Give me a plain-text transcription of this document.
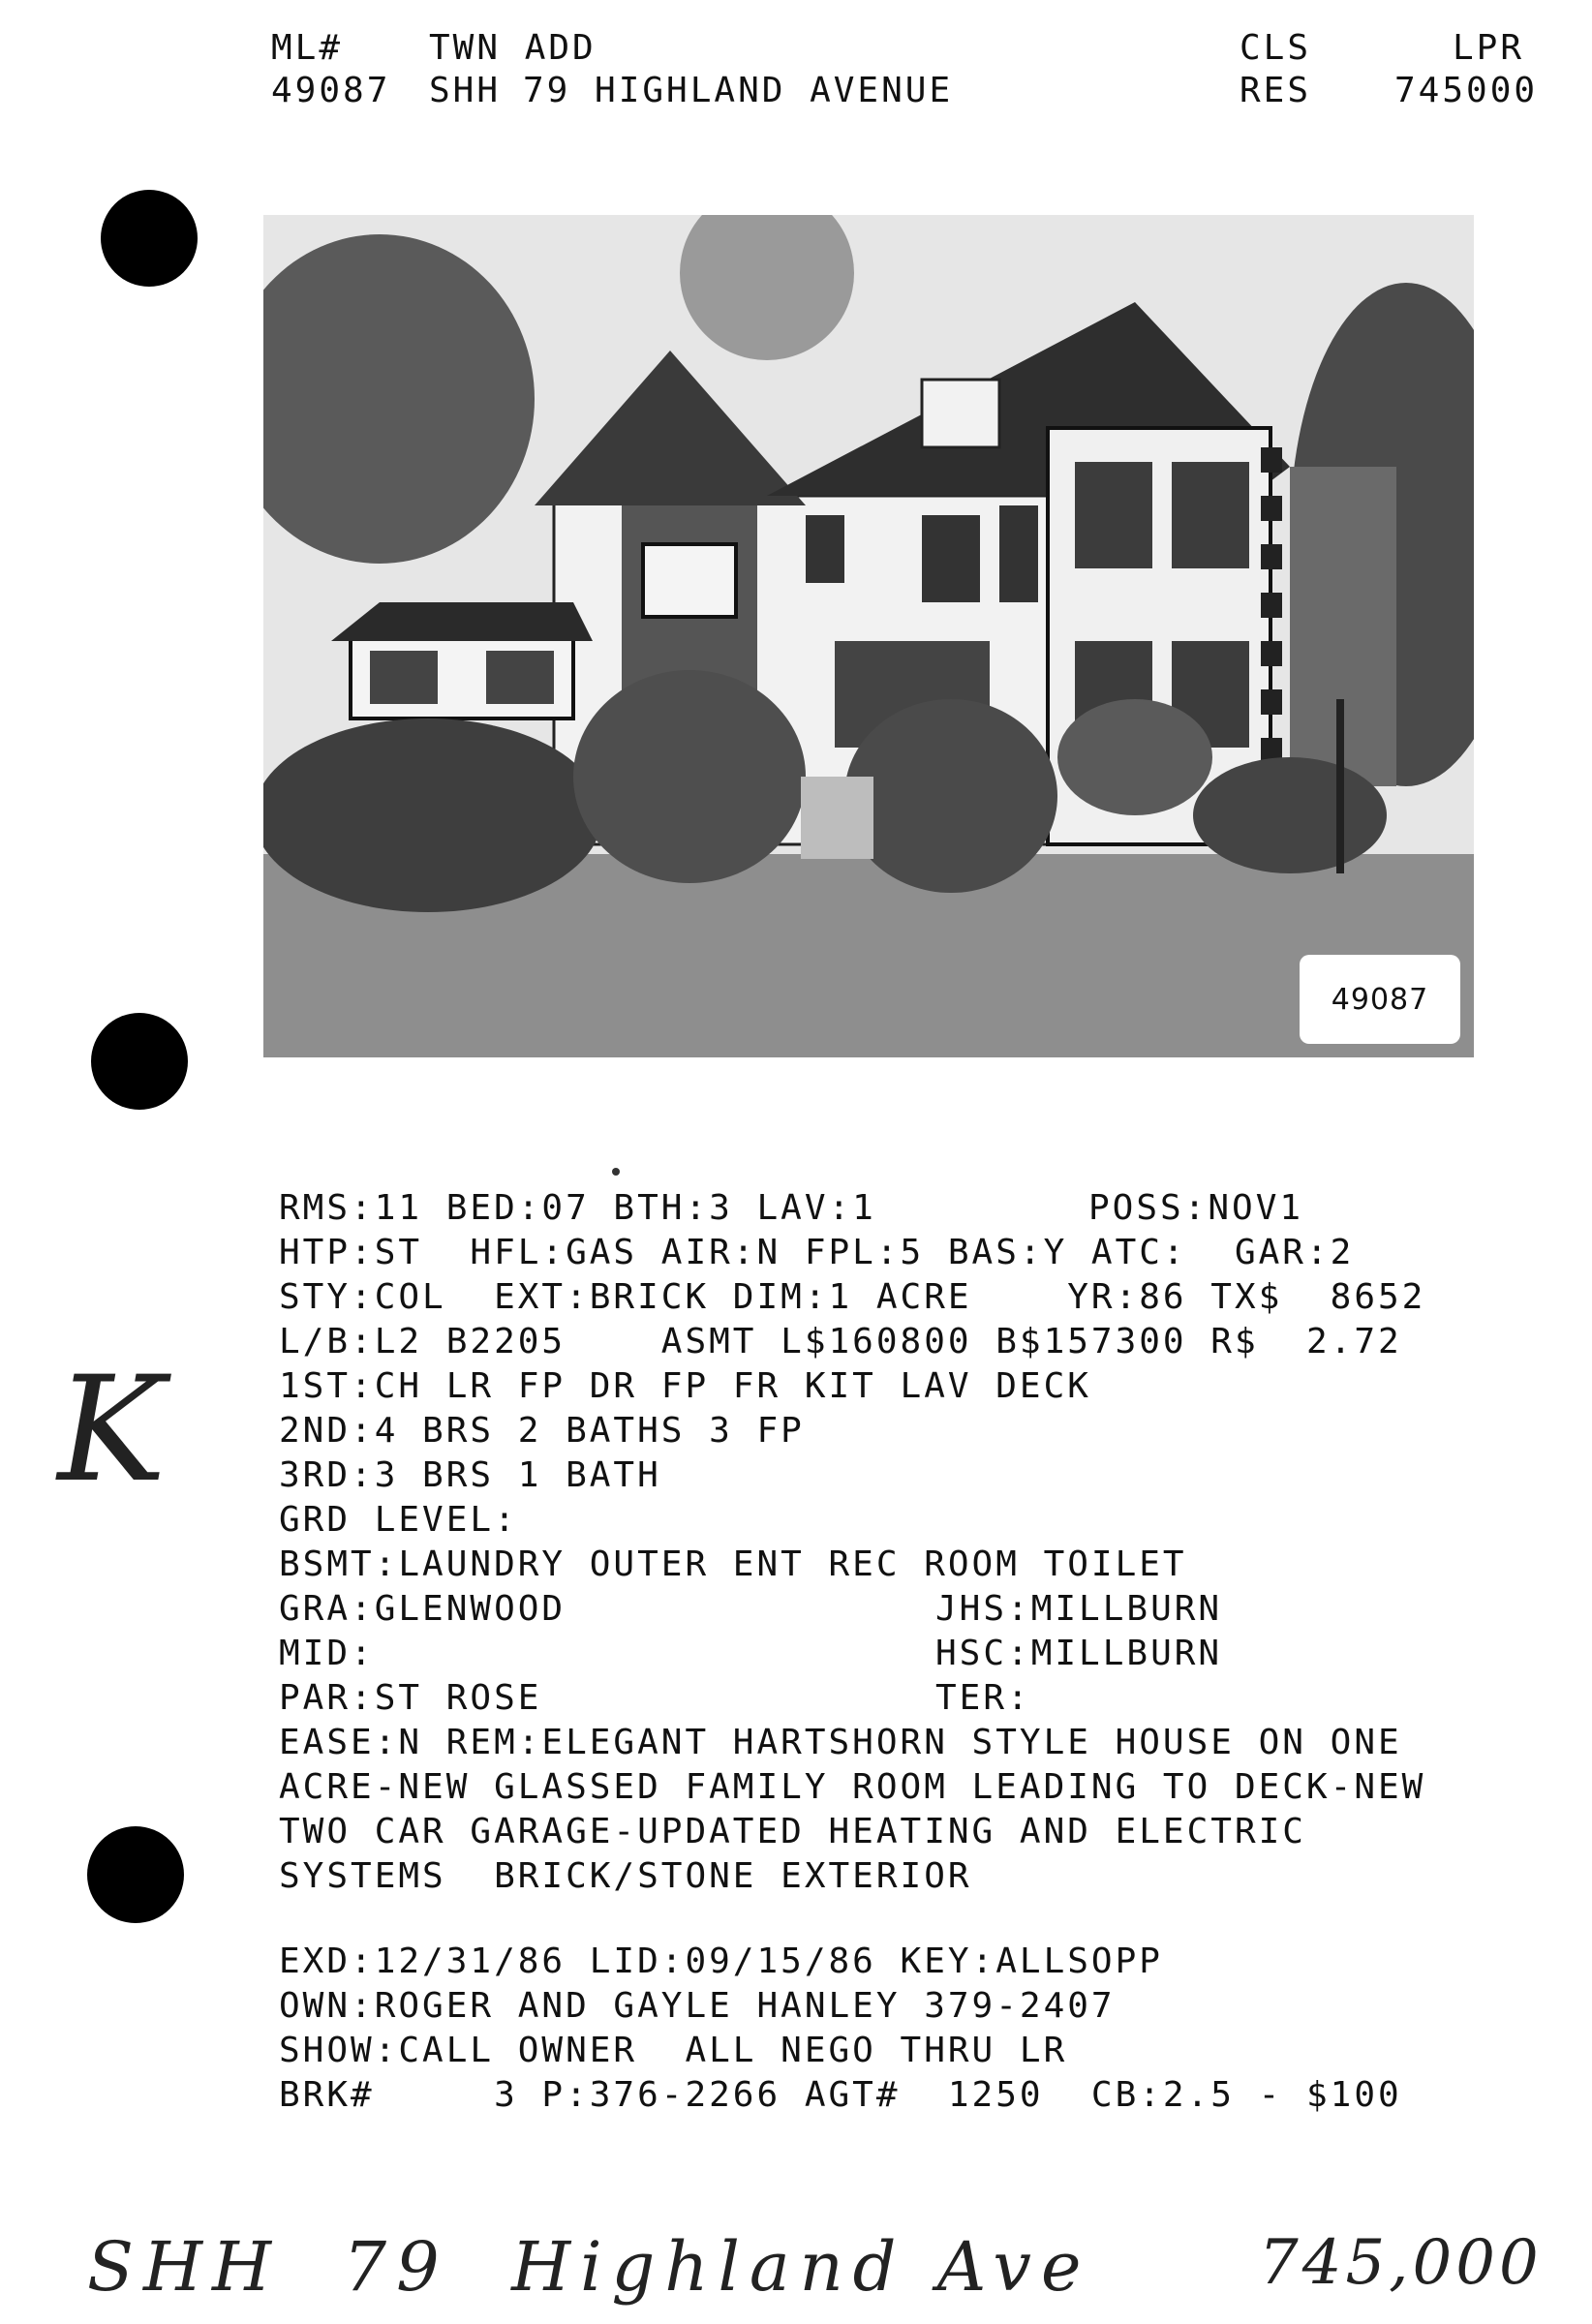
ML# TWN ADD	CLS	LPR
49087 SHH 79 HIGHLAND AVENUE	RES 745000
49087
RMS:11 BED:07 BTH:3 LAV:1	POSS:NOV1
HTP:ST  HFL:GAS AIR:N FPL:5 BAS:Y ATC:  GAR:2
STY:COL  EXT:BRICK DIM:1 ACRE    YR:86 TX$  8652
L/B:L2 B2205    ASMT L$160800 B$157300 R$  2.72
1ST:CH LR FP DR FP FR KIT LAV DECK
2ND:4 BRS 2 BATHS 3 FP
3RD:3 BRS 1 BATH
GRD LEVEL:
BSMT:LAUNDRY OUTER ENT REC ROOM TOILET
GRA:GLENWOOD	JHS:MILLBURN
MID:	HSC:MILLBURN
PAR:ST ROSE	TER:
EASE:N REM:ELEGANT HARTSHORN STYLE HOUSE ON ONE
ACRE-NEW GLASSED FAMILY ROOM LEADING TO DECK-NEW
TWO CAR GARAGE-UPDATED HEATING AND ELECTRIC
SYSTEMS  BRICK/STONE EXTERIOR
EXD:12/31/86 LID:09/15/86 KEY:ALLSOPP
OWN:ROGER AND GAYLE HANLEY 379-2407
SHOW:CALL OWNER  ALL NEGO THRU LR
BRK#     3 P:376-2266 AGT#  1250  CB:2.5 - $100
K
SHH  79  Highland Ave	745,000
